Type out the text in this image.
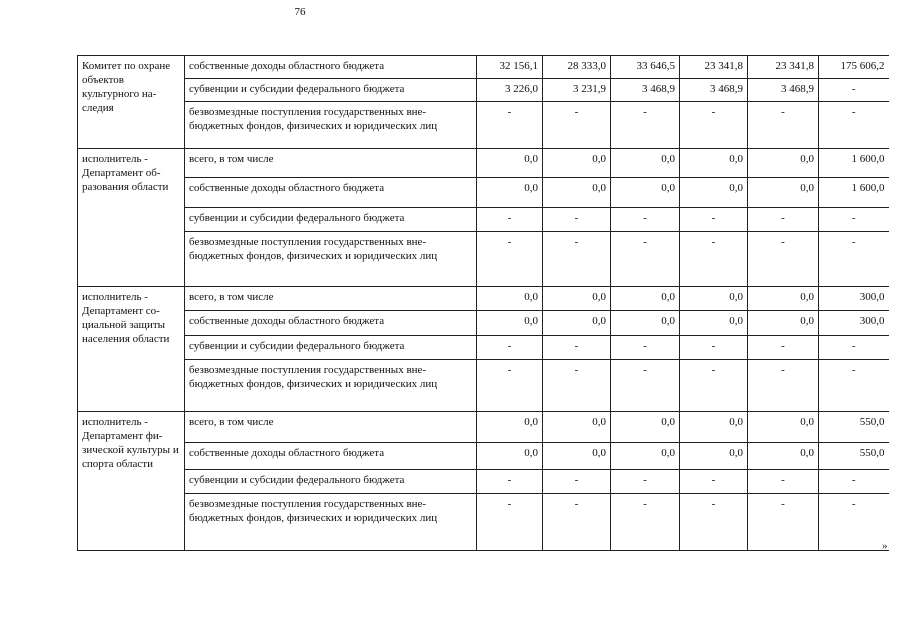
76
Комитет по охране объектов культурного наследия	собственные доходы областного бюджета	32 156,1	28 333,0	33 646,5	23 341,8	23 341,8	175 606,2
	субвенции и субсидии федерального бюджета	3 226,0	3 231,9	3 468,9	3 468,9	3 468,9	-
	безвозмездные поступления государственных внебюджетных фондов, физических и юридических лиц	-	-	-	-	-	-
исполнитель - Департамент образования области	всего, в том числе	0,0	0,0	0,0	0,0	0,0	1 600,0
	собственные доходы областного бюджета	0,0	0,0	0,0	0,0	0,0	1 600,0
	субвенции и субсидии федерального бюджета	-	-	-	-	-	-
	безвозмездные поступления государственных внебюджетных фондов, физических и юридических лиц	-	-	-	-	-	-
исполнитель - Департамент социальной защиты населения области	всего, в том числе	0,0	0,0	0,0	0,0	0,0	300,0
	собственные доходы областного бюджета	0,0	0,0	0,0	0,0	0,0	300,0
	субвенции и субсидии федерального бюджета	-	-	-	-	-	-
	безвозмездные поступления государственных внебюджетных фондов, физических и юридических лиц	-	-	-	-	-	-
исполнитель - Департамент физической культуры и спорта области	всего, в том числе	0,0	0,0	0,0	0,0	0,0	550,0
	собственные доходы областного бюджета	0,0	0,0	0,0	0,0	0,0	550,0
	субвенции и субсидии федерального бюджета	-	-	-	-	-	-
	безвозмездные поступления государственных внебюджетных фондов, физических и юридических лиц	-	-	-	-	-	-
»
